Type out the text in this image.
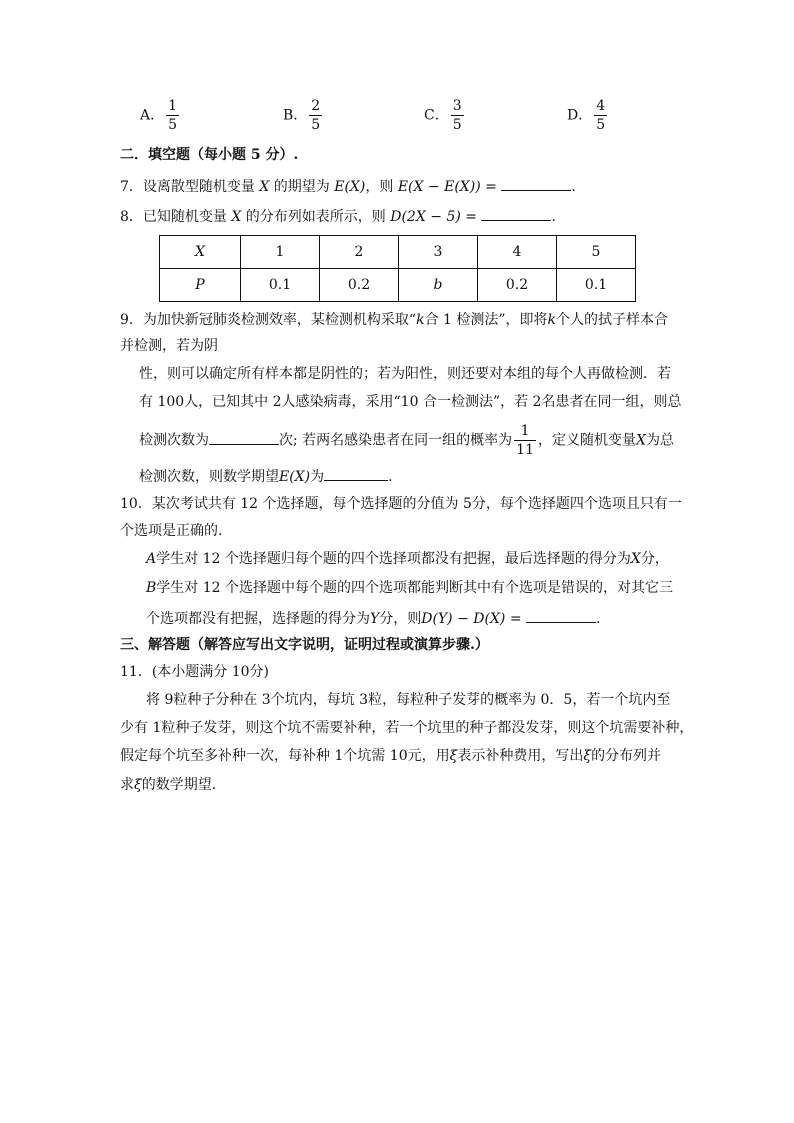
A． $\frac{1}{5}$	B． $\frac{2}{5}$	C． $\frac{3}{5}$	D． $\frac{4}{5}$
二．填空题（每小题 5 分）.
7．设离散型随机变量 X 的期望为 E(X)，则 E(X − E(X)) =	.
8．已知随机变量 X 的分布列如表所示，则 D(2X − 5) =	.
X	1	2	3	4	5
P	0.1	0.2	b	0.2	0.1
9．为加快新冠肺炎检测效率，某检测机构采取“k合 1 检测法”，即将k个人的拭子样本合
并检测，若为阴
性，则可以确定所有样本都是阴性的；若为阳性，则还要对本组的每个人再做检测．若
有 100人，已知其中 2人感染病毒，采用“10 合一检测法”，若 2名患者在同一组，则总
检测次数为	次; 若两名感染患者在同一组的概率为 $\frac{1}{11}$ ，定义随机变量X为总
检测次数，则数学期望E(X)为	.
10．某次考试共有 12 个选择题，每个选择题的分值为 5分，每个选择题四个选项且只有一
个选项是正确的.
A学生对 12 个选择题归每个题的四个选择项都没有把握，最后选择题的得分为X分，
B学生对 12 个选择题中每个题的四个选项都能判断其中有个选项是错误的，对其它三
个选项都没有把握，选择题的得分为Y分，则D(Y) − D(X) =	.
三、解答题（解答应写出文字说明，证明过程或演算步骤.）
11．(本小题满分 10分)
将 9粒种子分种在 3个坑内，每坑 3粒，每粒种子发芽的概率为 0．5，若一个坑内至
少有 1粒种子发芽，则这个坑不需要补种，若一个坑里的种子都没发芽，则这个坑需要补种，
假定每个坑至多补种一次，每补种 1个坑需 10元，用ξ表示补种费用，写出ξ的分布列并
求ξ的数学期望.
